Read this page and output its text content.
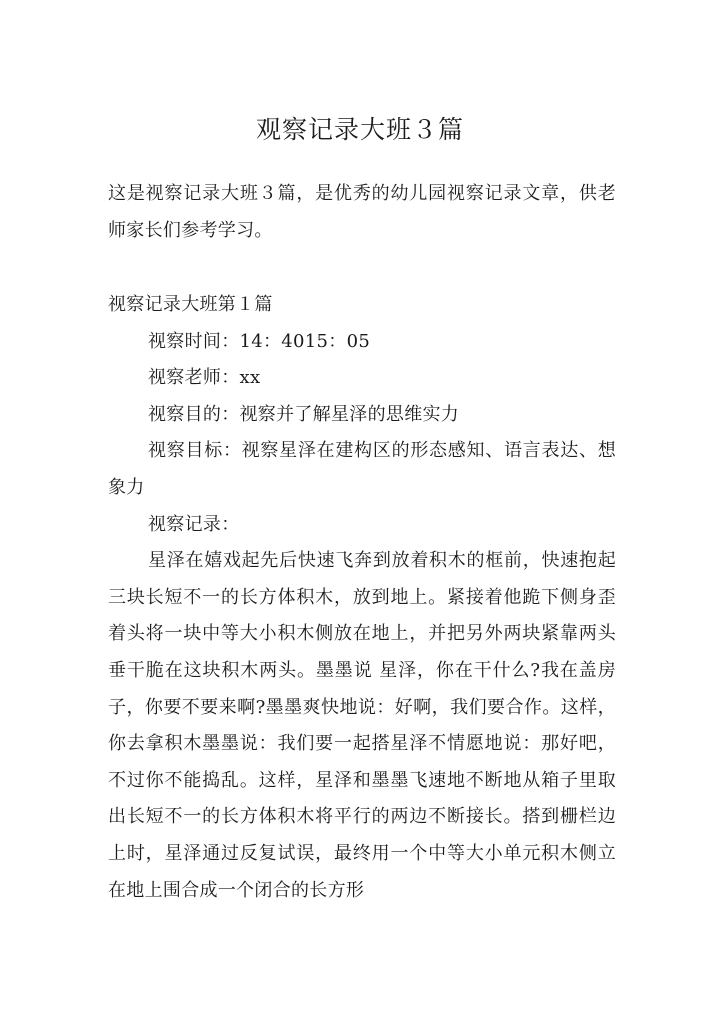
观察记录大班３篇

这是视察记录大班３篇，是优秀的幼儿园视察记录文章，供老师家长们参考学习。

视察记录大班第１篇

视察时间：14：4015：05

视察老师：xx

视察目的：视察并了解星泽的思维实力

视察目标：视察星泽在建构区的形态感知、语言表达、想象力

视察记录：

星泽在嬉戏起先后快速飞奔到放着积木的框前，快速抱起三块长短不一的长方体积木，放到地上。紧接着他跪下侧身歪着头将一块中等大小积木侧放在地上，并把另外两块紧靠两头垂干脆在这块积木两头。墨墨说 星泽，你在干什么?我在盖房子，你要不要来啊?墨墨爽快地说：好啊，我们要合作。这样，你去拿积木墨墨说：我们要一起搭星泽不情愿地说：那好吧，不过你不能捣乱。这样，星泽和墨墨飞速地不断地从箱子里取出长短不一的长方体积木将平行的两边不断接长。搭到栅栏边上时，星泽通过反复试误，最终用一个中等大小单元积木侧立在地上围合成一个闭合的长方形
